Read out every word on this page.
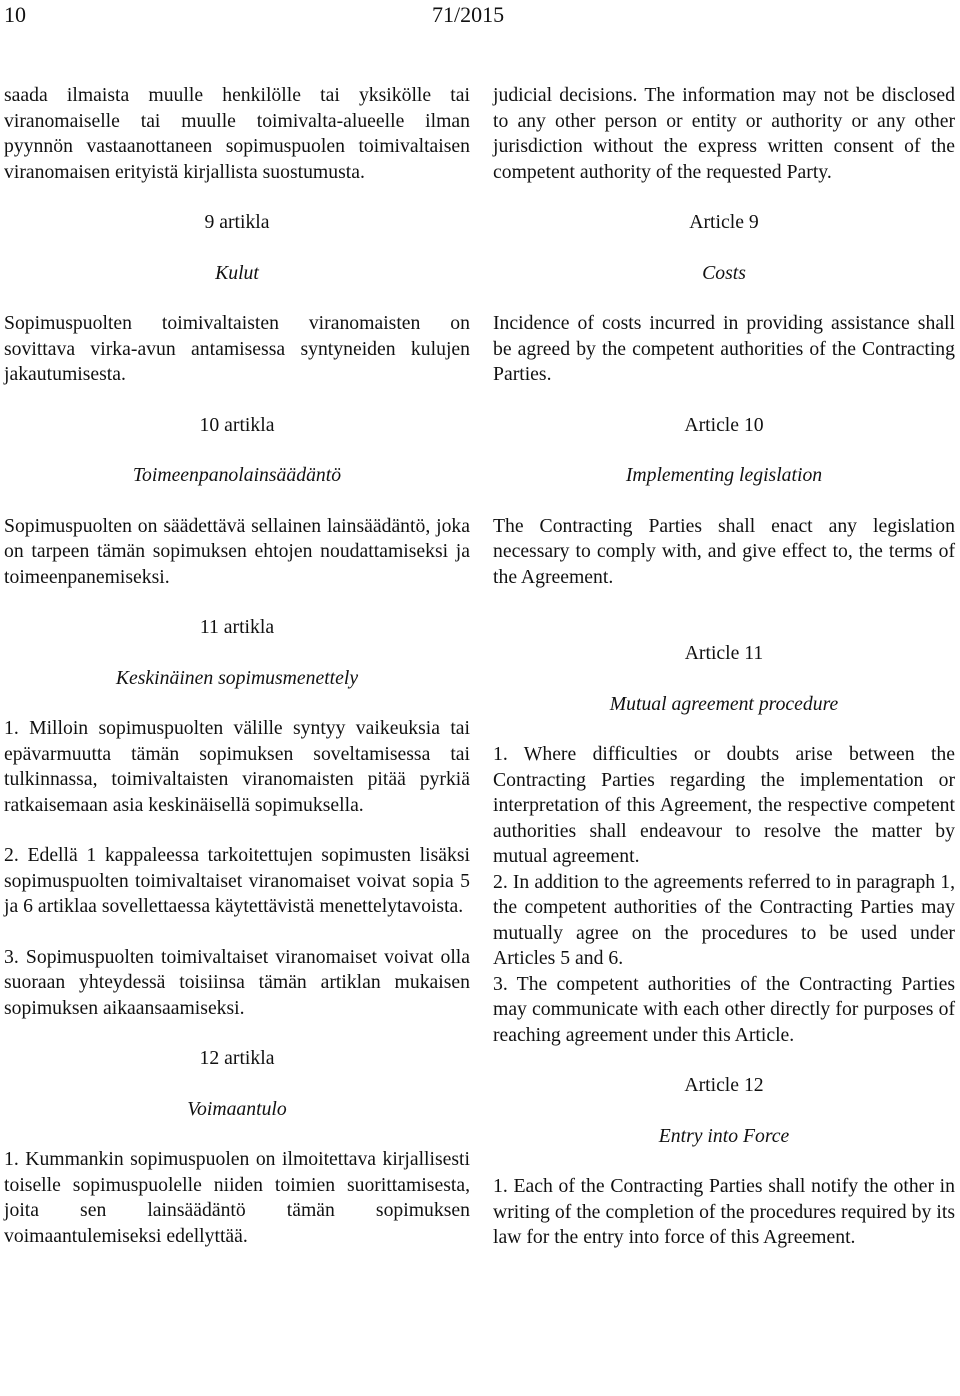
10	71/2015

saada ilmaista muulle henkilölle tai yksikölle tai viranomaiselle tai muulle toimivalta-alueelle ilman pyynnön vastaanottaneen sopimuspuolen toimivaltaisen viranomaisen erityistä kirjallista suostumusta.

9 artikla

Kulut

Sopimuspuolten toimivaltaisten viranomaisten on sovittava virka-avun antamisessa syntyneiden kulujen jakautumisesta.

10 artikla

Toimeenpanolainsäädäntö

Sopimuspuolten on säädettävä sellainen lainsäädäntö, joka on tarpeen tämän sopimuksen ehtojen noudattamiseksi ja toimeenpanemiseksi.

11 artikla

Keskinäinen sopimusmenettely

1. Milloin sopimuspuolten välille syntyy vaikeuksia tai epävarmuutta tämän sopimuksen soveltamisessa tai tulkinnassa, toimivaltaisten viranomaisten pitää pyrkiä ratkaisemaan asia keskinäisellä sopimuksella.

2. Edellä 1 kappaleessa tarkoitettujen sopimusten lisäksi sopimuspuolten toimivaltaiset viranomaiset voivat sopia 5 ja 6 artiklaa sovellettaessa käytettävistä menettelytavoista.

3. Sopimuspuolten toimivaltaiset viranomaiset voivat olla suoraan yhteydessä toisiinsa tämän artiklan mukaisen sopimuksen aikaansaamiseksi.

12 artikla

Voimaantulo

1. Kummankin sopimuspuolen on ilmoitettava kirjallisesti toiselle sopimuspuolelle niiden toimien suorittamisesta, joita sen lainsäädäntö tämän sopimuksen voimaantulemiseksi edellyttää.

judicial decisions. The information may not be disclosed to any other person or entity or authority or any other jurisdiction without the express written consent of the competent authority of the requested Party.

Article 9

Costs

Incidence of costs incurred in providing assistance shall be agreed by the competent authorities of the Contracting Parties.

Article 10

Implementing legislation

The Contracting Parties shall enact any legislation necessary to comply with, and give effect to, the terms of the Agreement.

Article 11

Mutual agreement procedure

1. Where difficulties or doubts arise between the Contracting Parties regarding the implementation or interpretation of this Agreement, the respective competent authorities shall endeavour to resolve the matter by mutual agreement.

2. In addition to the agreements referred to in paragraph 1, the competent authorities of the Contracting Parties may mutually agree on the procedures to be used under Articles 5 and 6.

3. The competent authorities of the Contracting Parties may communicate with each other directly for purposes of reaching agreement under this Article.

Article 12

Entry into Force

1. Each of the Contracting Parties shall notify the other in writing of the completion of the procedures required by its law for the entry into force of this Agreement.
